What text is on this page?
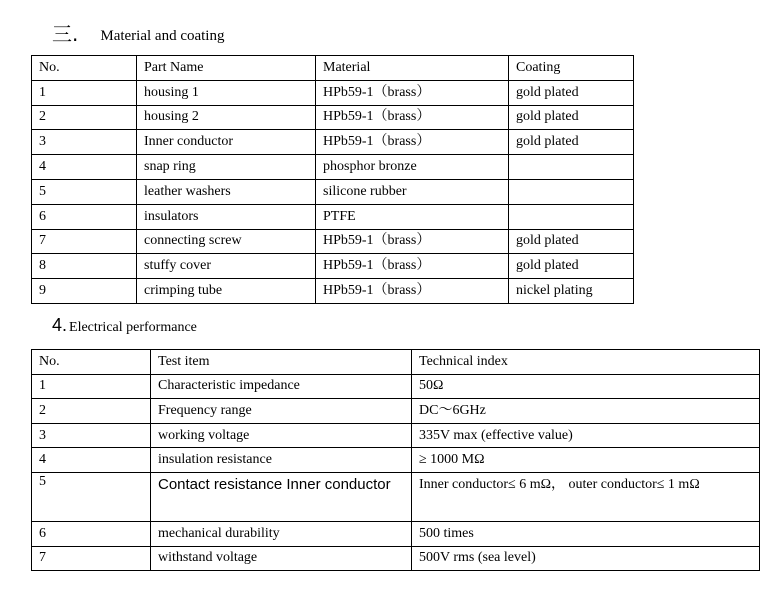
三. Material and coating
No.	Part Name	Material	Coating
1	housing 1	HPb59-1（brass）	gold plated
2	housing 2	HPb59-1（brass）	gold plated
3	Inner conductor	HPb59-1（brass）	gold plated
4	snap ring	phosphor bronze	
5	leather washers	silicone rubber	
6	insulators	PTFE	
7	connecting screw	HPb59-1（brass）	gold plated
8	stuffy cover	HPb59-1（brass）	gold plated
9	crimping tube	HPb59-1（brass）	nickel plating
4. Electrical performance
No.	Test item	Technical index
1	Characteristic impedance	50Ω
2	Frequency range	DC～6GHz
3	working voltage	335V max (effective value)
4	insulation resistance	≥ 1000 MΩ
5	Contact resistance Inner conductor	Inner conductor≤ 6 mΩ， outer conductor≤ 1 mΩ
6	mechanical durability	500 times
7	withstand voltage	500V rms (sea level)
